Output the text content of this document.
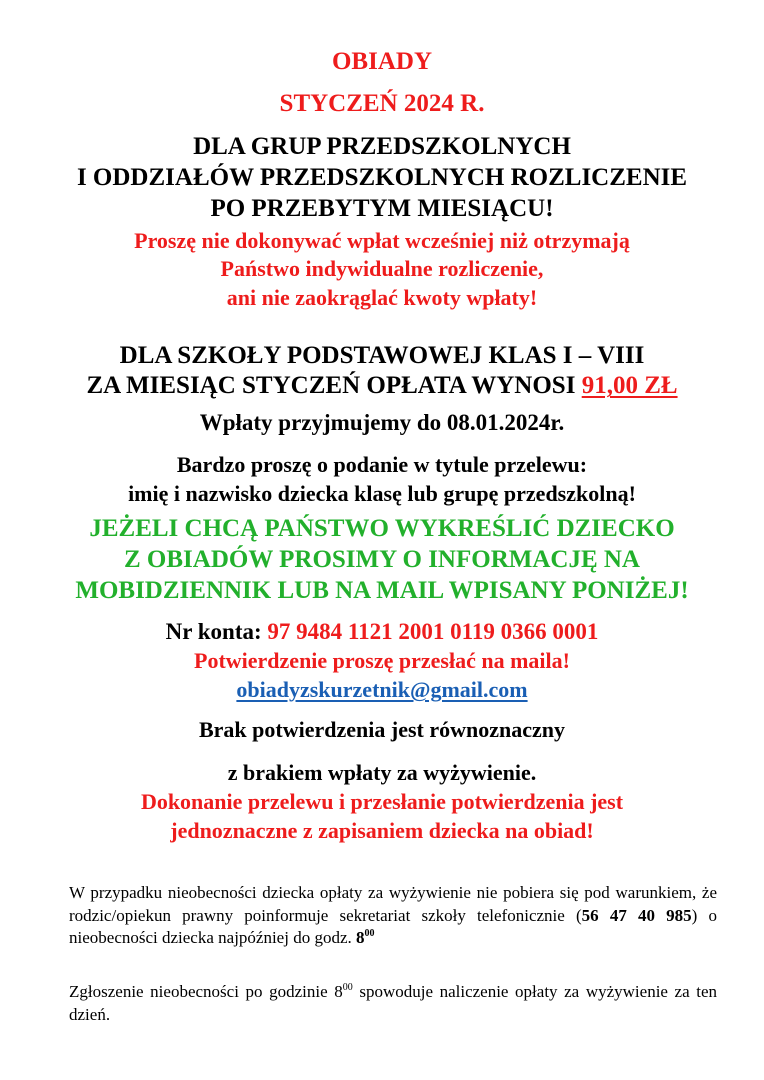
OBIADY
STYCZEŃ 2024 R.
DLA GRUP PRZEDSZKOLNYCH
I ODDZIAŁÓW PRZEDSZKOLNYCH ROZLICZENIE
PO PRZEBYTYM MIESIĄCU!
Proszę nie dokonywać wpłat wcześniej niż otrzymają
Państwo indywidualne rozliczenie,
ani nie zaokrąglać kwoty wpłaty!
DLA SZKOŁY PODSTAWOWEJ KLAS I – VIII
ZA MIESIĄC STYCZEŃ OPŁATA WYNOSI 91,00 ZŁ
Wpłaty przyjmujemy do 08.01.2024r.
Bardzo proszę o podanie w tytule przelewu:
imię i nazwisko dziecka klasę lub grupę przedszkolną!
JEŻELI CHCĄ PAŃSTWO WYKREŚLIĆ DZIECKO
Z OBIADÓW PROSIMY O INFORMACJĘ NA
MOBIDZIENNIK LUB NA MAIL WPISANY PONIŻEJ!
Nr konta: 97 9484 1121 2001 0119 0366 0001
Potwierdzenie proszę przesłać na maila!
obiadyzskurzetnik@gmail.com
Brak potwierdzenia jest równoznaczny
z brakiem wpłaty za wyżywienie.
Dokonanie przelewu i przesłanie potwierdzenia jest
jednoznaczne z zapisaniem dziecka na obiad!
W przypadku nieobecności dziecka opłaty za wyżywienie nie pobiera się pod warunkiem, że rodzic/opiekun prawny poinformuje sekretariat szkoły telefonicznie (56 47 40 985) o nieobecności dziecka najpóźniej do godz. $8^{00}$
Zgłoszenie nieobecności po godzinie $8^{00}$ spowoduje naliczenie opłaty za wyżywienie za ten dzień.
